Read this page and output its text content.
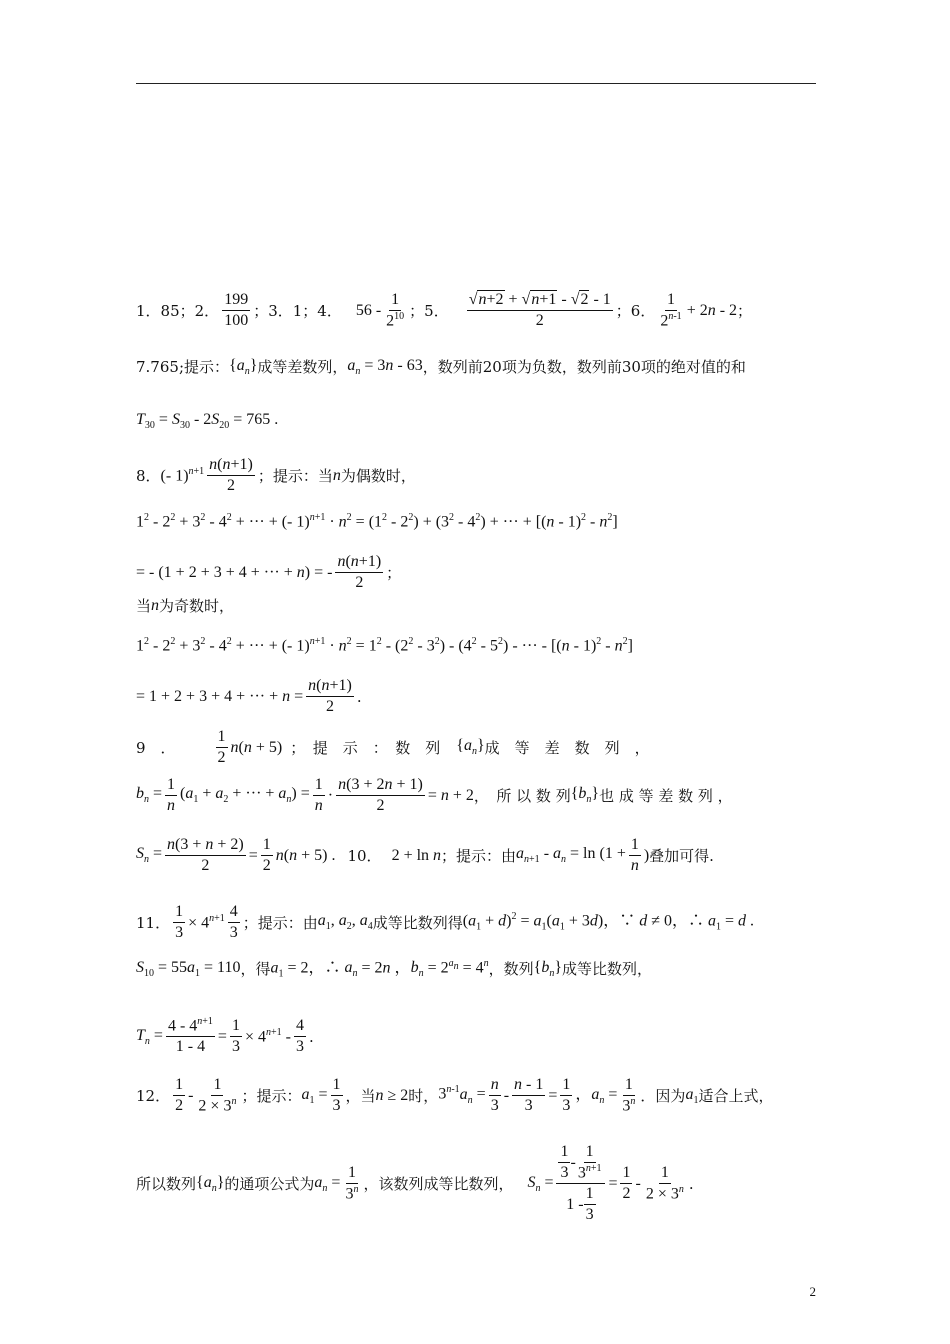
1．85；2． $\frac{199}{100}$ ；3．1；4． $56 - \frac{1}{2^{10}}$ ；5． $\frac{√n+2 + √n+1 - √2 - 1}{2}$ ；6． $\frac{1}{2^{n-1}} + 2n - 2$ ；
7.765;提示： $\{a_n\}$ 成等差数列， $a_n = 3n - 63$ ，数列前20项为负数，数列前30项的绝对值的和
$T_{30} = S_{30} - 2S_{20} = 765$ .
8． (- $1)^{n+1} \frac{n(n+1)}{2}$ ；提示：当 n 为偶数时，
$1^2 - 2^2 + 3^2 - 4^2$ + ··· + (- $1)^{n+1} \cdot n^2 = (1^2 - 2^2) + (3^2 - 4^2)$ + ··· + $[(n - 1)^2 - n^2]$
= - (1 + 2 + 3 + 4 + ··· + n) = - $\frac{n(n+1)}{2}$ ；
当 n 为奇数时，
$1^2 - 2^2 + 3^2 - 4^2$ + ··· + (- $1)^{n+1} \cdot n^2 = 1^2 - (2^2 - 3^2) - (4^2 - 5^2)$ - ··· - $[(n - 1)^2 - n^2]$
= 1 + 2 + 3 + 4 + ··· + $n = \frac{n(n+1)}{2}$ .
9　．	$\frac{1}{2} n(n + 5)$ ；　提　示　：　数　列 $\{a_n\}$ 成　等　差　数　列　，
$b_n = \frac{1}{n} (a_1 + a_2$ + ··· + $a_n) = \frac{1}{n} \cdot \frac{n(3 + 2n + 1)}{2} = n + 2$ ，　所 以 数 列 $\{b_n\}$ 也 成 等 差 数 列 ，
$S_n = \frac{n(3 + n + 2)}{2} = \frac{1}{2} n(n + 5)$ . 10． 2 + ln n ；提示：由 $a_{n+1} - a_n = \ln (1 + \frac{1}{n}$ ) 叠加可得.
11． $\frac{1}{3} \times 4^{n+1} \frac{4}{3}$ ；提示：由 $a_1$, $a_2$, $a_4$ 成等比数列得 $(a_1 + d)^2 = a_1(a_1 + 3d)$，∵ d ≠ 0，∴ $a_1 = d$ .
$S_{10} = 55a_1 = 110$ ，得 $a_1 = 2$，∴ $a_n = 2n$ ，$b_n = 2^{a_n} = 4^n$ ，数列 $\{b_n\}$ 成等比数列，
$T_n = \frac{4 - 4^{n+1}}{1 - 4} = \frac{1}{3} \times 4^{n+1} - \frac{4}{3}$ .
12． $\frac{1}{2} - \frac{1}{2 \times 3^n}$ ；提示： $a_1 = \frac{1}{3}$ ，当 n ≥ 2 时， $3^{n-1}a_n = \frac{n}{3} - \frac{n - 1}{3} = \frac{1}{3}$ ，$a_n = \frac{1}{3^n}$ ．因为 $a_1$ 适合上式，
所以数列 $\{a_n\}$ 的通项公式为 $a_n = \frac{1}{3^n}$ ，该数列成等比数列， $S_n = \frac{\frac{1}{3} - \frac{1}{3^{n+1}}}{1 - \frac{1}{3}} = \frac{1}{2} - \frac{1}{2 \times 3^n}$ .
2
